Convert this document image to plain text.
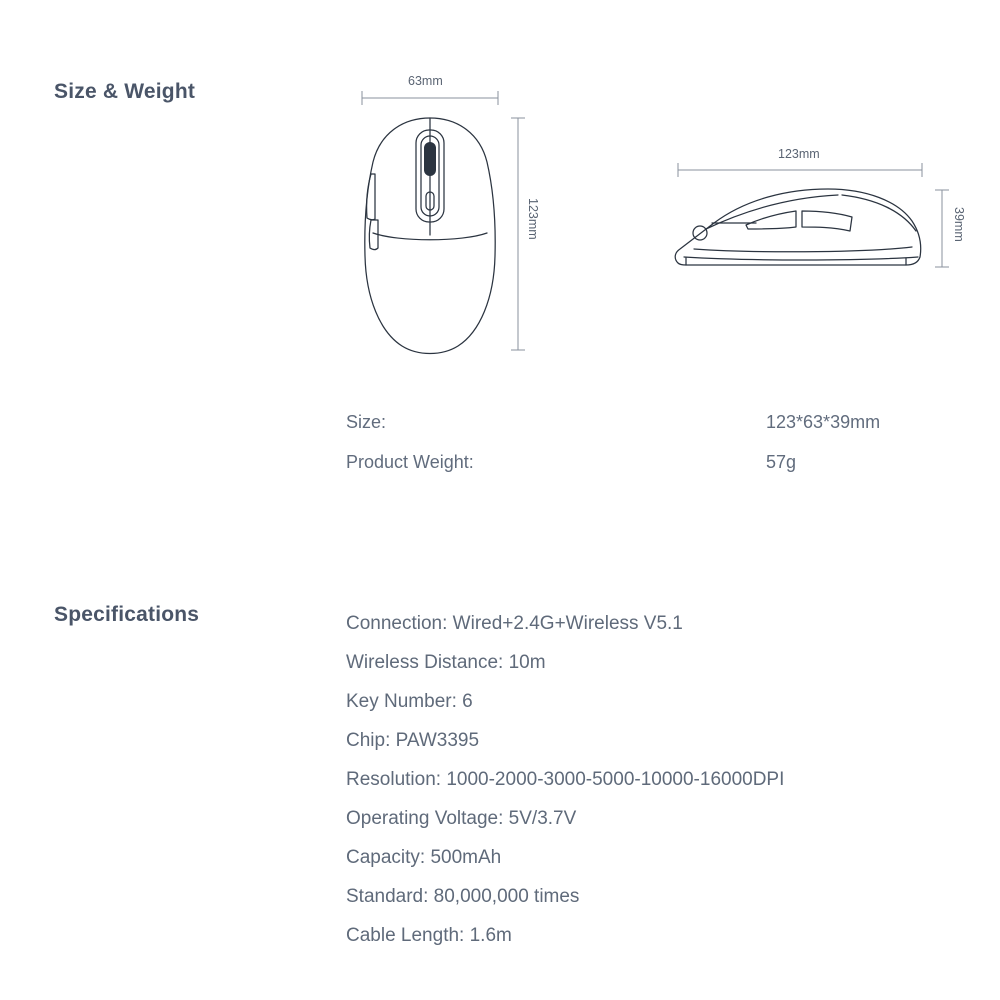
Size & Weight	63mm
123mm
123mm
39mm
Size:	123*63*39mm
Product Weight:	57g
Specifications	Connection: Wired+2.4G+Wireless V5.1
Wireless Distance: 10m
Key Number: 6
Chip: PAW3395
Resolution: 1000-2000-3000-5000-10000-16000DPI
Operating Voltage: 5V/3.7V
Capacity: 500mAh
Standard: 80,000,000 times
Cable Length: 1.6m
